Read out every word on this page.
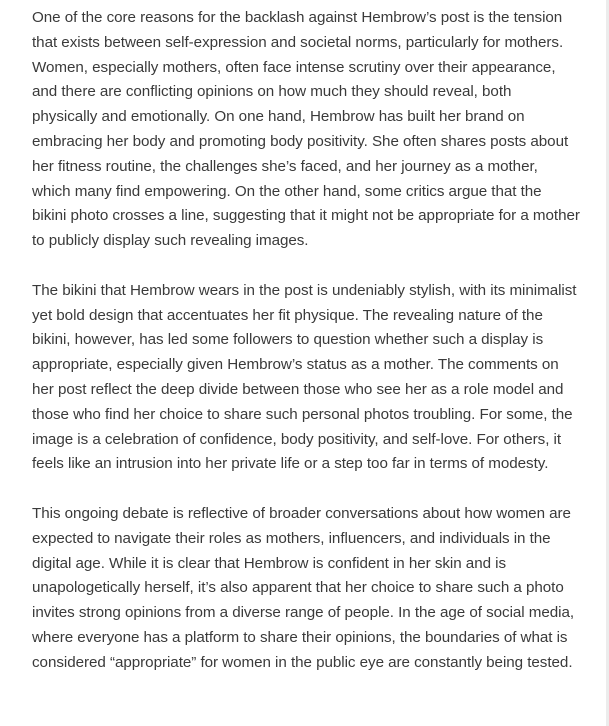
One of the core reasons for the backlash against Hembrow’s post is the tension that exists between self-expression and societal norms, particularly for mothers. Women, especially mothers, often face intense scrutiny over their appearance, and there are conflicting opinions on how much they should reveal, both physically and emotionally. On one hand, Hembrow has built her brand on embracing her body and promoting body positivity. She often shares posts about her fitness routine, the challenges she’s faced, and her journey as a mother, which many find empowering. On the other hand, some critics argue that the bikini photo crosses a line, suggesting that it might not be appropriate for a mother to publicly display such revealing images.

The bikini that Hembrow wears in the post is undeniably stylish, with its minimalist yet bold design that accentuates her fit physique. The revealing nature of the bikini, however, has led some followers to question whether such a display is appropriate, especially given Hembrow’s status as a mother. The comments on her post reflect the deep divide between those who see her as a role model and those who find her choice to share such personal photos troubling. For some, the image is a celebration of confidence, body positivity, and self-love. For others, it feels like an intrusion into her private life or a step too far in terms of modesty.

This ongoing debate is reflective of broader conversations about how women are expected to navigate their roles as mothers, influencers, and individuals in the digital age. While it is clear that Hembrow is confident in her skin and is unapologetically herself, it’s also apparent that her choice to share such a photo invites strong opinions from a diverse range of people. In the age of social media, where everyone has a platform to share their opinions, the boundaries of what is considered “appropriate” for women in the public eye are constantly being tested.
